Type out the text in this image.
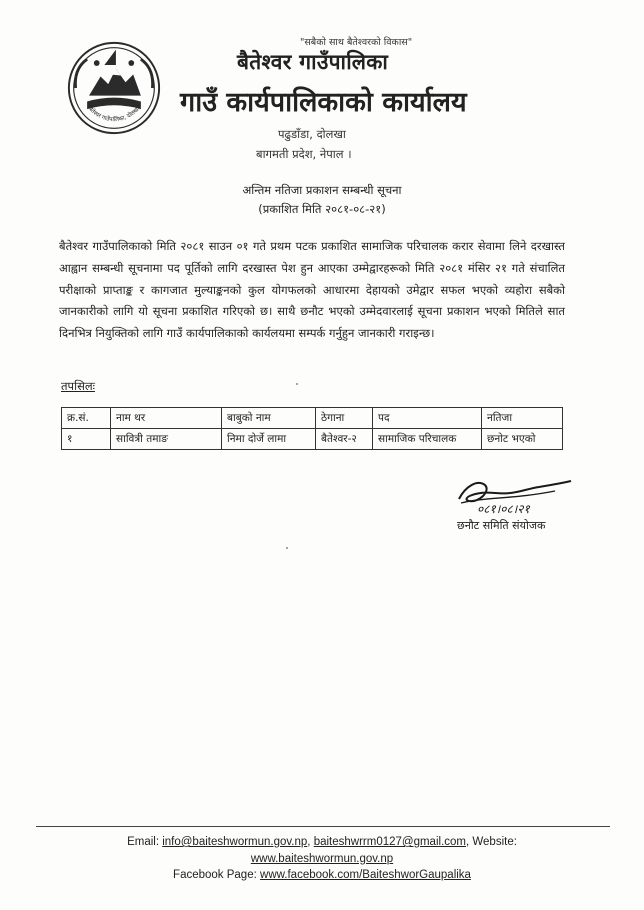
बैतेश्वर गाउँपालिका, दोलखा
"सबैको साथ बैतेश्वरको विकास"
बैतेश्वर गाउँपालिका
गाउँ कार्यपालिकाको कार्यालय
पढुडाँडा, दोलखा
बागमती प्रदेश, नेपाल ।
अन्तिम नतिजा प्रकाशन सम्बन्धी सूचना
(प्रकाशित मिति २०८१-०८-२१)
बैतेश्वर गाउँपालिकाको मिति २०८१ साउन ०१ गते प्रथम पटक प्रकाशित सामाजिक परिचालक करार सेवामा लिने दरखास्त आह्वान सम्बन्धी सूचनामा पद पूर्तिको लागि दरखास्त पेश हुन आएका उम्मेद्वारहरूको मिति २०८१ मंसिर २१ गते संचालित परीक्षाको प्राप्ताङ्क र कागजात मुल्याङ्कनको कुल योगफलको आधारमा देहायको उमेद्वार सफल भएको व्यहोरा सबैको जानकारीको लागि यो सूचना प्रकाशित गरिएको छ। साथै छनौट भएको उम्मेदवारलाई सूचना प्रकाशन भएको मितिले सात दिनभित्र नियुक्तिको लागि गाउँ कार्यपालिकाको कार्यलयमा सम्पर्क गर्नुहुन जानकारी गराइन्छ।
तपसिलः
क्र.सं.	नाम थर	बाबुको नाम	ठेगाना	पद	नतिजा
१	सावित्री तमाङ	निमा दोर्जे लामा	बैतेश्वर-२	सामाजिक परिचालक	छनोट भएको
०८१।०८।२१
छनौट समिति संयोजक
Email: info@baiteshwormun.gov.np, baiteshwrrm0127@gmail.com, Website:
www.baiteshwormun.gov.np
Facebook Page: www.facebook.com/BaiteshworGaupalika
